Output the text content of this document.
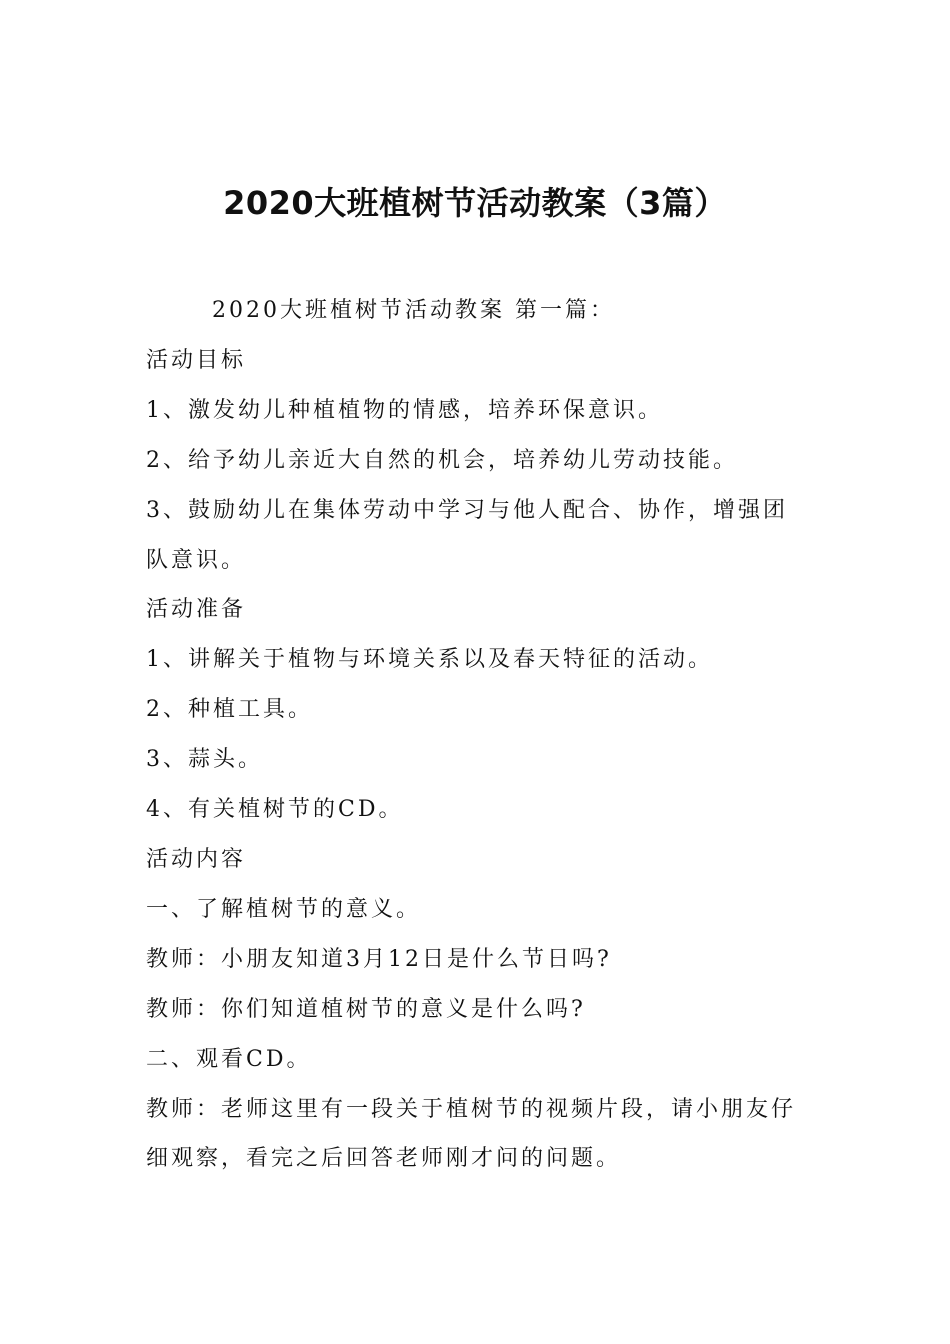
2020大班植树节活动教案（3篇）

2020大班植树节活动教案 第一篇：

活动目标

1、激发幼儿种植植物的情感，培养环保意识。

2、给予幼儿亲近大自然的机会，培养幼儿劳动技能。

3、鼓励幼儿在集体劳动中学习与他人配合、协作，增强团队意识。

活动准备

1、讲解关于植物与环境关系以及春天特征的活动。

2、种植工具。

3、蒜头。

4、有关植树节的CD。

活动内容

一、了解植树节的意义。

教师：小朋友知道3月12日是什么节日吗?

教师：你们知道植树节的意义是什么吗?

二、观看CD。

教师：老师这里有一段关于植树节的视频片段，请小朋友仔细观察，看完之后回答老师刚才问的问题。
